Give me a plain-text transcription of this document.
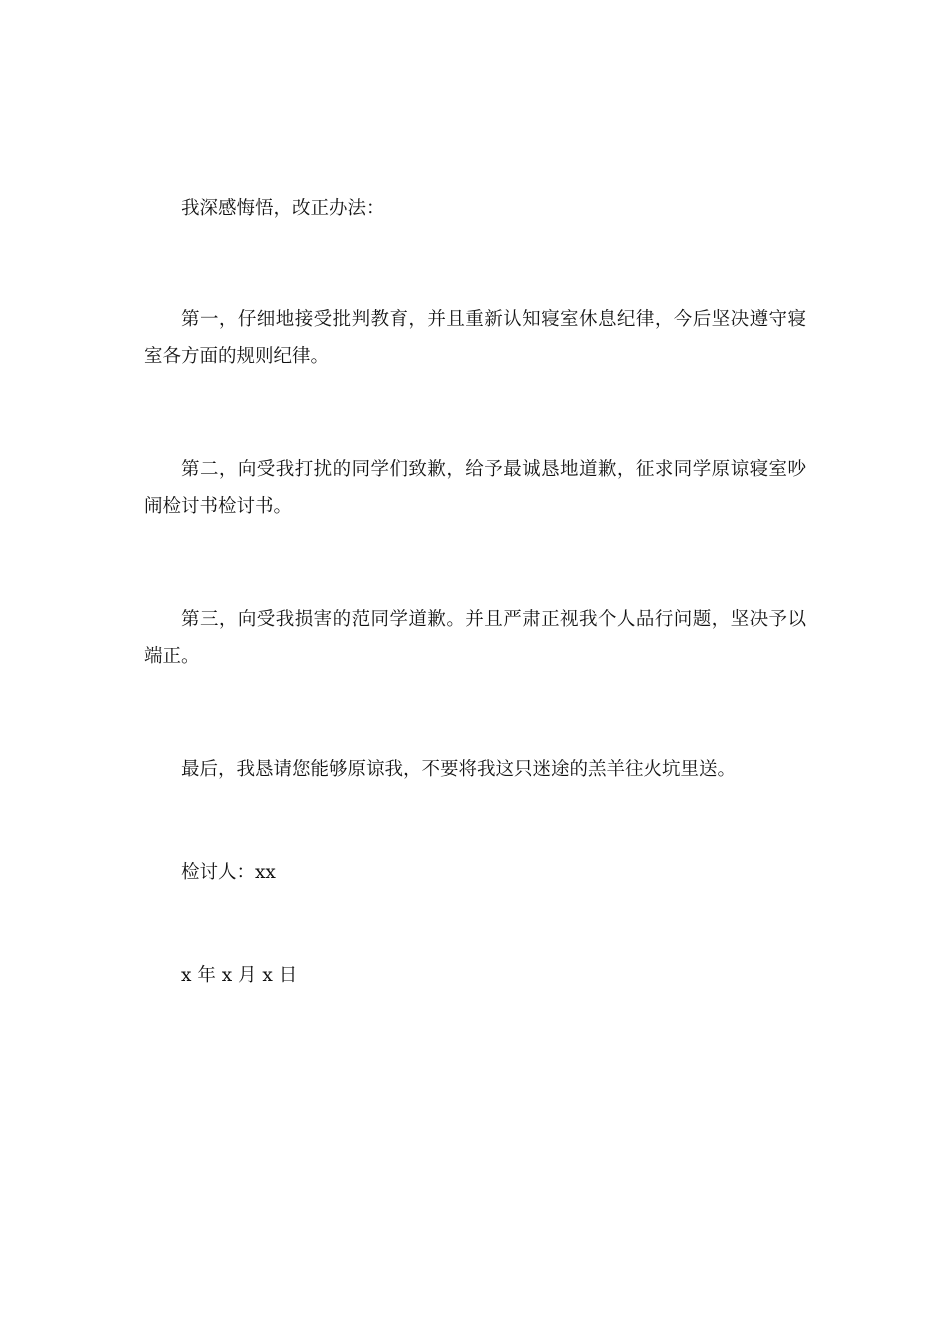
我深感悔悟，改正办法：

第一，仔细地接受批判教育，并且重新认知寝室休息纪律，今后坚决遵守寝室各方面的规则纪律。

第二，向受我打扰的同学们致歉，给予最诚恳地道歉，征求同学原谅寝室吵闹检讨书检讨书。

第三，向受我损害的范同学道歉。并且严肃正视我个人品行问题，坚决予以端正。

最后，我恳请您能够原谅我，不要将我这只迷途的羔羊往火坑里送。

检讨人：xx

x 年 x 月 x 日
